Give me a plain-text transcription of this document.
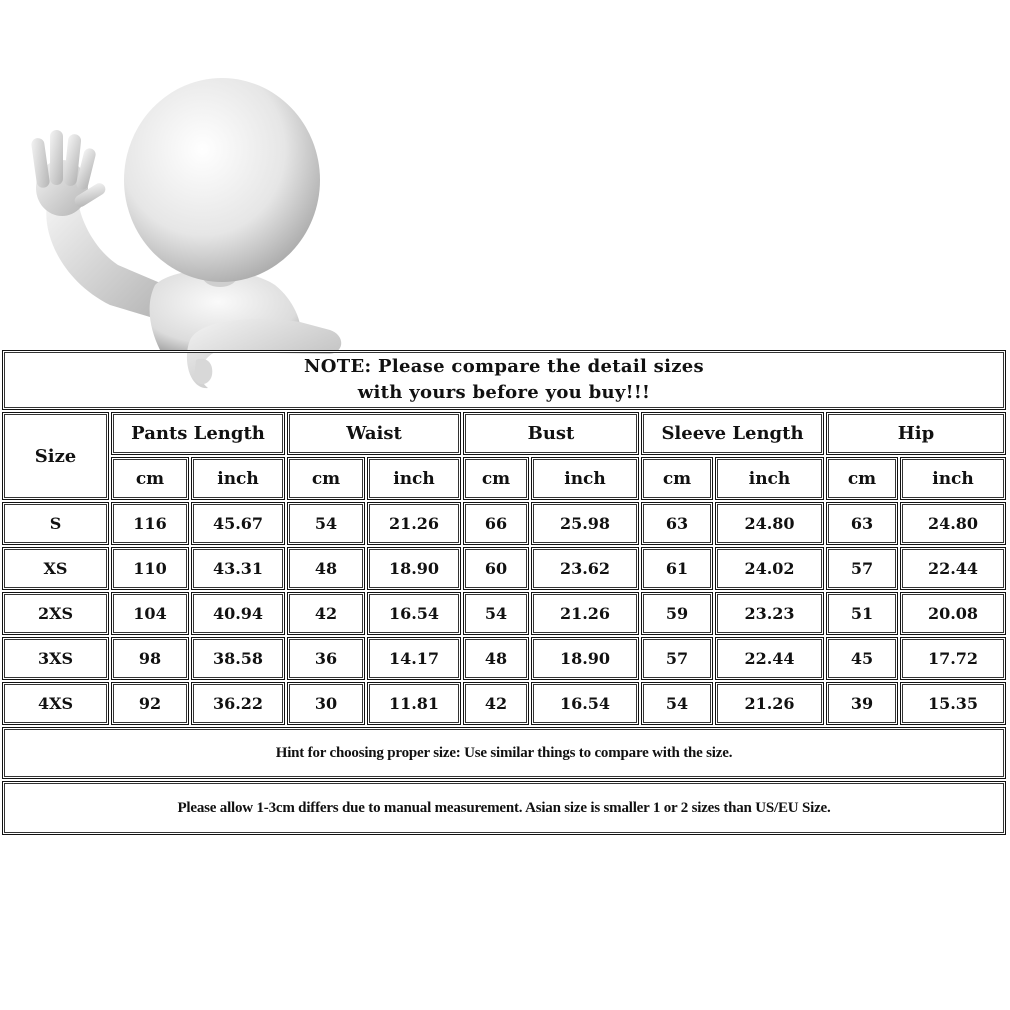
NOTE: Please compare the detail sizes
with yours before you buy!!!
Size
Pants Length	Waist	Bust	Sleeve Length	Hip
cm	inch	cm	inch	cm	inch	cm	inch	cm	inch
S	116	45.67	54	21.26	66	25.98	63	24.80	63	24.80
XS	110	43.31	48	18.90	60	23.62	61	24.02	57	22.44
2XS	104	40.94	42	16.54	54	21.26	59	23.23	51	20.08
3XS	98	38.58	36	14.17	48	18.90	57	22.44	45	17.72
4XS	92	36.22	30	11.81	42	16.54	54	21.26	39	15.35
Hint for choosing proper size: Use similar things to compare with the size.
Please allow 1-3cm differs due to manual measurement. Asian size is smaller 1 or 2 sizes than US/EU Size.
